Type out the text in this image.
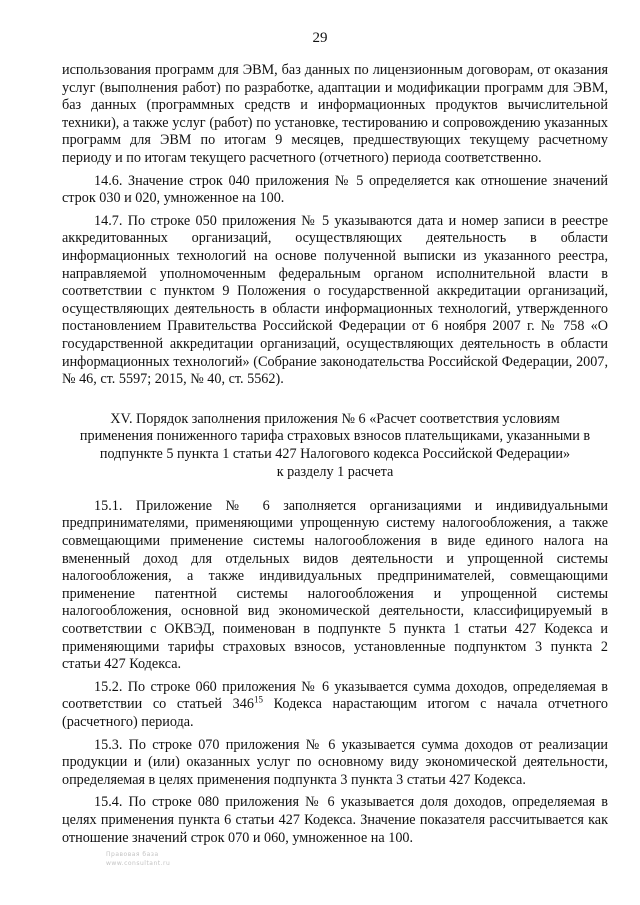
29

использования программ для ЭВМ, баз данных по лицензионным договорам, от оказания услуг (выполнения работ) по разработке, адаптации и модификации программ для ЭВМ, баз данных (программных средств и информационных продуктов вычислительной техники), а также услуг (работ) по установке, тестированию и сопровождению указанных программ для ЭВМ по итогам 9 месяцев, предшествующих текущему расчетному периоду и по итогам текущего расчетного (отчетного) периода соответственно.

14.6. Значение строк 040 приложения № 5 определяется как отношение значений строк 030 и 020, умноженное на 100.

14.7. По строке 050 приложения № 5 указываются дата и номер записи в реестре аккредитованных организаций, осуществляющих деятельность в области информационных технологий на основе полученной выписки из указанного реестра, направляемой уполномоченным федеральным органом исполнительной власти в соответствии с пунктом 9 Положения о государственной аккредитации организаций, осуществляющих деятельность в области информационных технологий, утвержденного постановлением Правительства Российской Федерации от 6 ноября 2007 г. № 758 «О государственной аккредитации организаций, осуществляющих деятельность в области информационных технологий» (Собрание законодательства Российской Федерации, 2007, № 46, ст. 5597; 2015, № 40, ст. 5562).

XV. Порядок заполнения приложения № 6 «Расчет соответствия условиям
применения пониженного тарифа страховых взносов плательщиками, указанными в
подпункте 5 пункта 1 статьи 427 Налогового кодекса Российской Федерации»
к разделу 1 расчета

15.1. Приложение № 6 заполняется организациями и индивидуальными предпринимателями, применяющими упрощенную систему налогообложения, а также совмещающими применение системы налогообложения в виде единого налога на вмененный доход для отдельных видов деятельности и упрощенной системы налогообложения, а также индивидуальных предпринимателей, совмещающими применение патентной системы налогообложения и упрощенной системы налогообложения, основной вид экономической деятельности, классифицируемый в соответствии с ОКВЭД, поименован в подпункте 5 пункта 1 статьи 427 Кодекса и применяющими тарифы страховых взносов, установленные подпунктом 3 пункта 2 статьи 427 Кодекса.

15.2. По строке 060 приложения № 6 указывается сумма доходов, определяемая в соответствии со статьей $346^{15}$ Кодекса нарастающим итогом с начала отчетного (расчетного) периода.

15.3. По строке 070 приложения № 6 указывается сумма доходов от реализации продукции и (или) оказанных услуг по основному виду экономической деятельности, определяемая в целях применения подпункта 3 пункта 3 статьи 427 Кодекса.

15.4. По строке 080 приложения № 6 указывается доля доходов, определяемая в целях применения пункта 6 статьи 427 Кодекса. Значение показателя рассчитывается как отношение значений строк 070 и 060, умноженное на 100.

Правовая база
www.consultant.ru
